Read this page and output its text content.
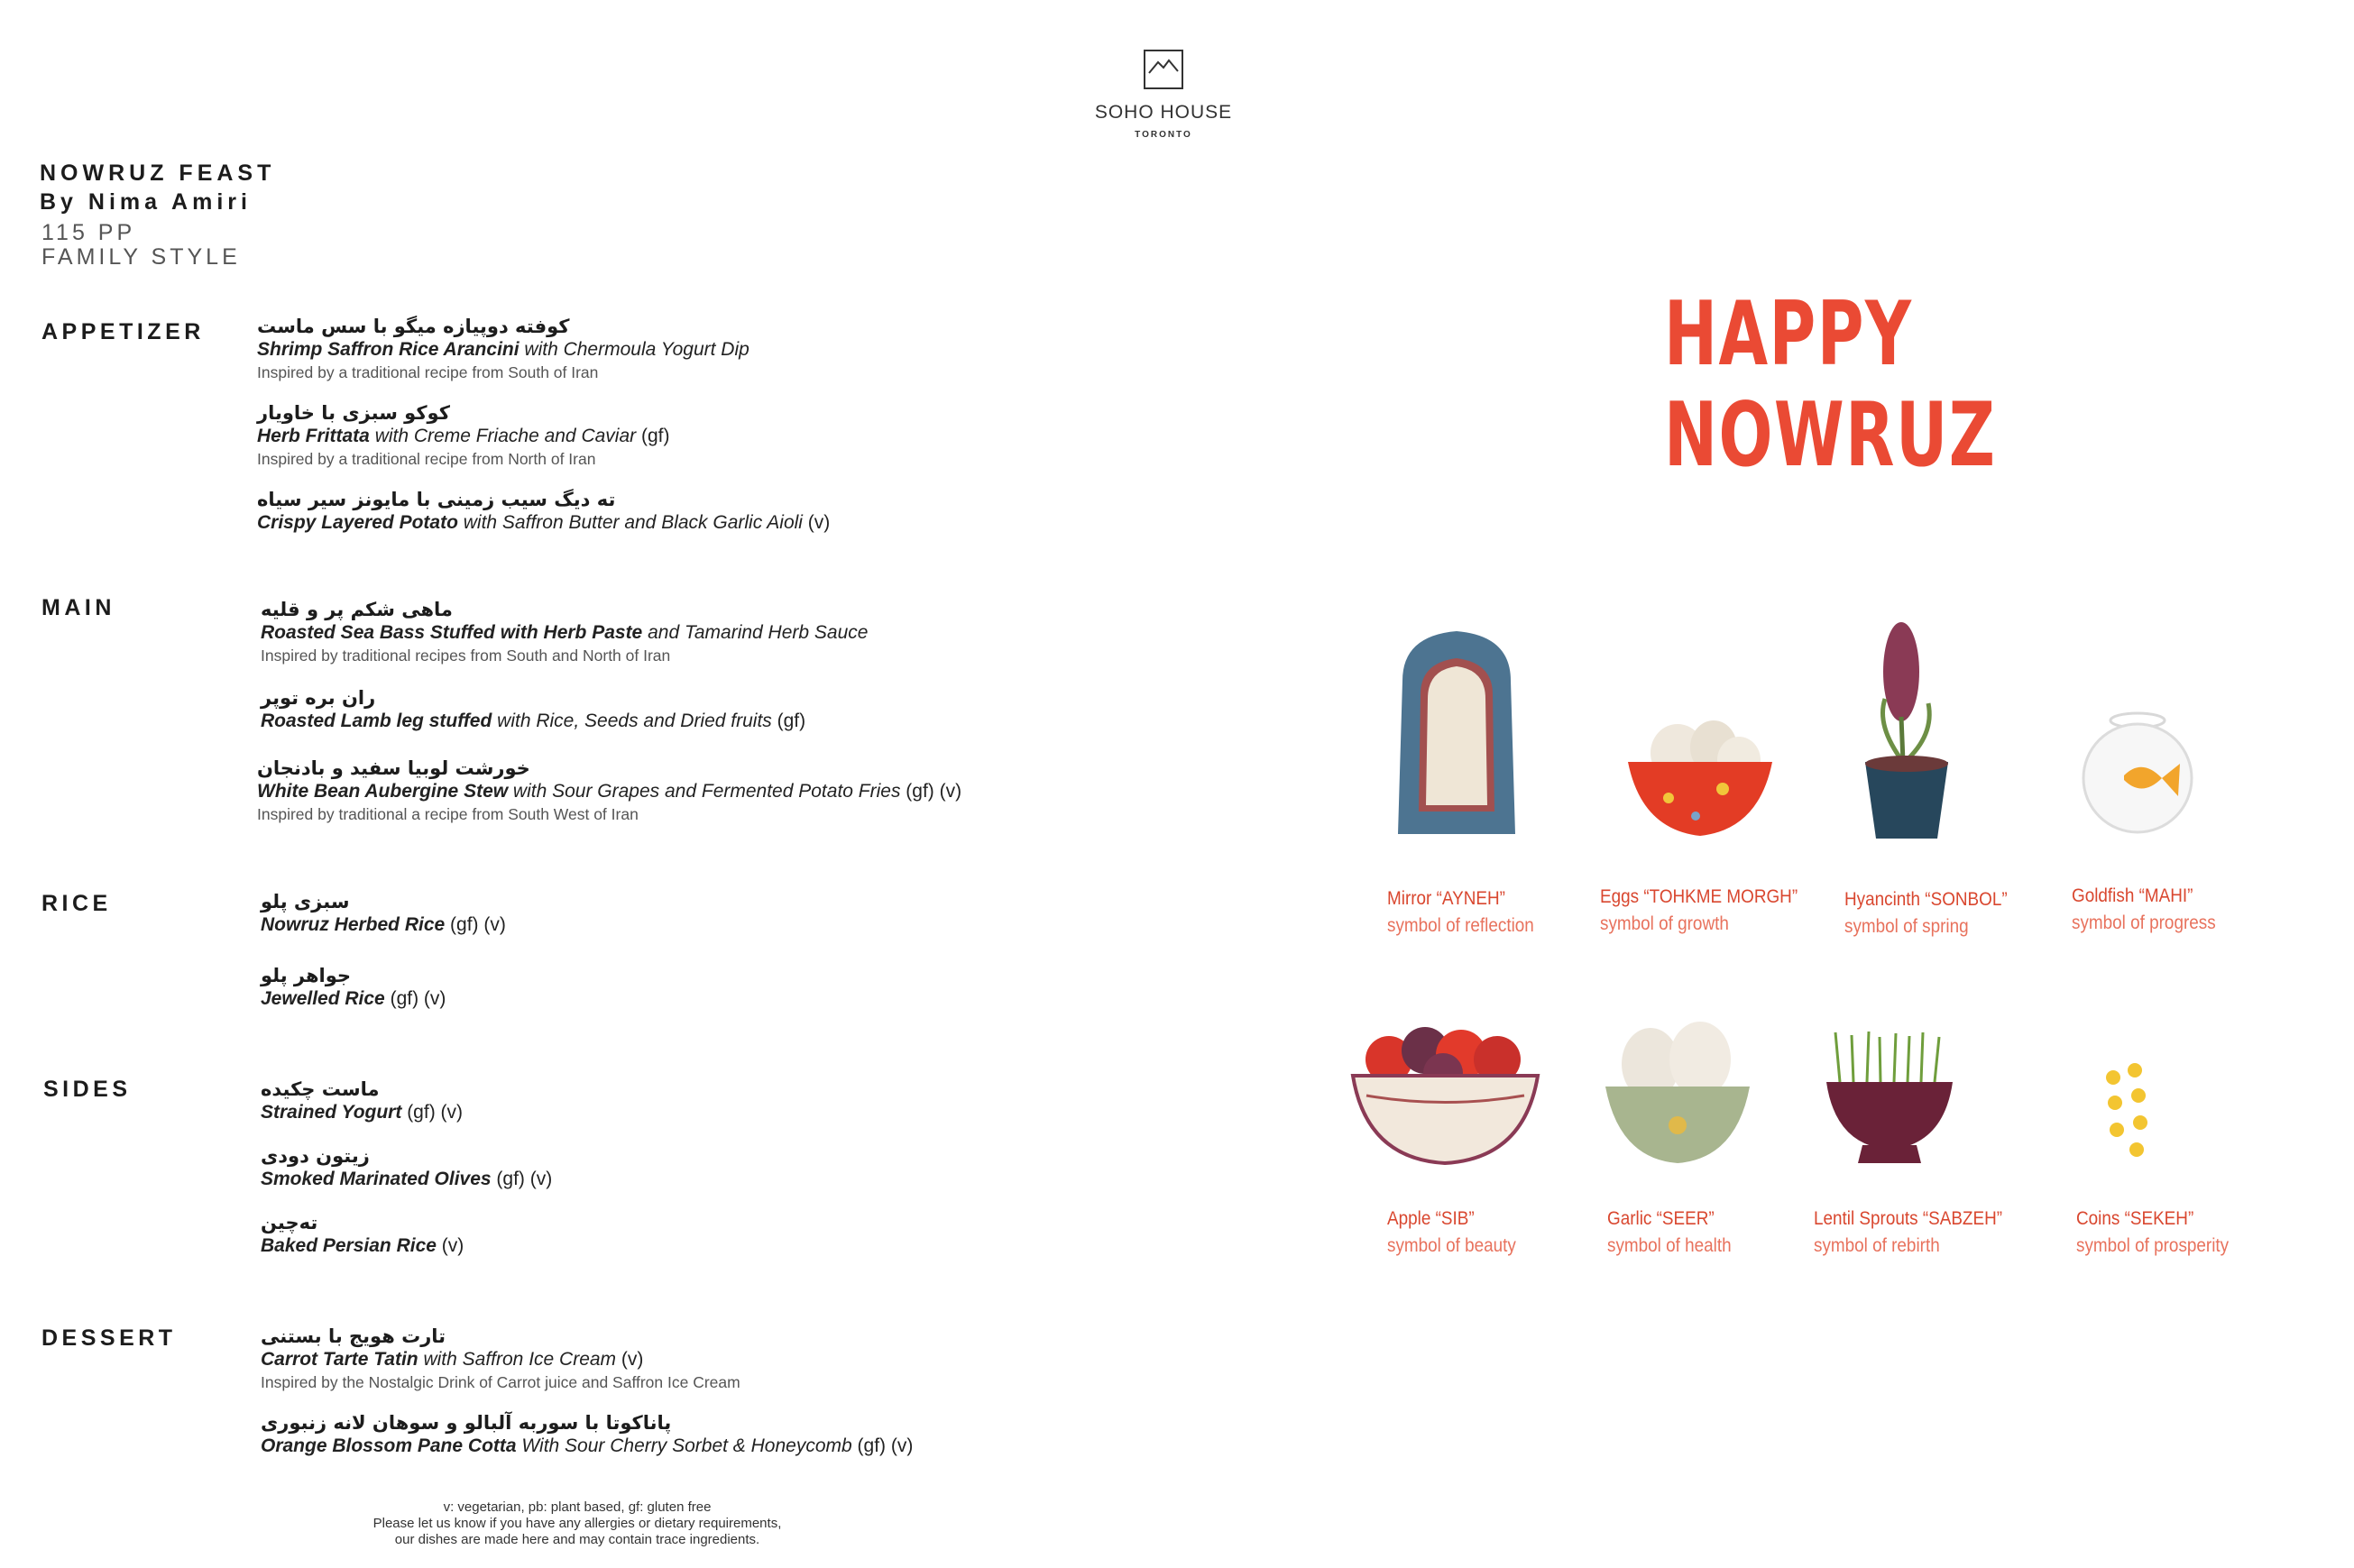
SOHO HOUSE
TORONTO
NOWRUZ FEAST
By Nima Amiri
115 PP
FAMILY STYLE
APPETIZER
MAIN
RICE
SIDES
DESSERT
کوفته دوپیازه میگو با سس ماست
Shrimp Saffron Rice Arancini with Chermoula Yogurt Dip
Inspired by a traditional recipe from South of Iran
کوکو سبزی با خاویار
Herb Frittata with Creme Friache and Caviar (gf)
Inspired by a traditional recipe from North of Iran
ته دیگ سیب زمینی با مایونز سیر سیاه
Crispy Layered Potato with Saffron Butter and Black Garlic Aioli (v)
ماهی شکم پر و قلیه
Roasted Sea Bass Stuffed with Herb Paste and Tamarind Herb Sauce
Inspired by traditional recipes from South and North of Iran
ران بره توپر
Roasted Lamb leg stuffed with Rice, Seeds and Dried fruits (gf)
خورشت لوبیا سفید و بادنجان
White Bean Aubergine Stew with Sour Grapes and Fermented Potato Fries (gf) (v)
Inspired by traditional a recipe from South West of Iran
سبزی پلو
Nowruz Herbed Rice (gf) (v)
جواهر پلو
Jewelled Rice (gf) (v)
ماست چکیده
Strained Yogurt (gf) (v)
زیتون دودی
Smoked Marinated Olives (gf) (v)
ته‌چین
Baked Persian Rice (v)
تارت هویج با بستنی
Carrot Tarte Tatin with Saffron Ice Cream (v)
Inspired by the Nostalgic Drink of Carrot juice and Saffron Ice Cream
پاناکوتا با سوربه آلبالو و سوهان لانه زنبوری
Orange Blossom Pane Cotta With Sour Cherry Sorbet & Honeycomb (gf) (v)
v: vegetarian, pb: plant based, gf: gluten free
Please let us know if you have any allergies or dietary requirements,
our dishes are made here and may contain trace ingredients.
HAPPY
NOWRUZ
Mirror “AYNEH”
symbol of reflection
Eggs “TOHKME MORGH”
symbol of growth
Hyancinth “SONBOL”
symbol of spring
Goldfish “MAHI”
symbol of progress
Apple “SIB”
symbol of beauty
Garlic “SEER”
symbol of health
Lentil Sprouts “SABZEH”
symbol of rebirth
Coins “SEKEH”
symbol of prosperity
